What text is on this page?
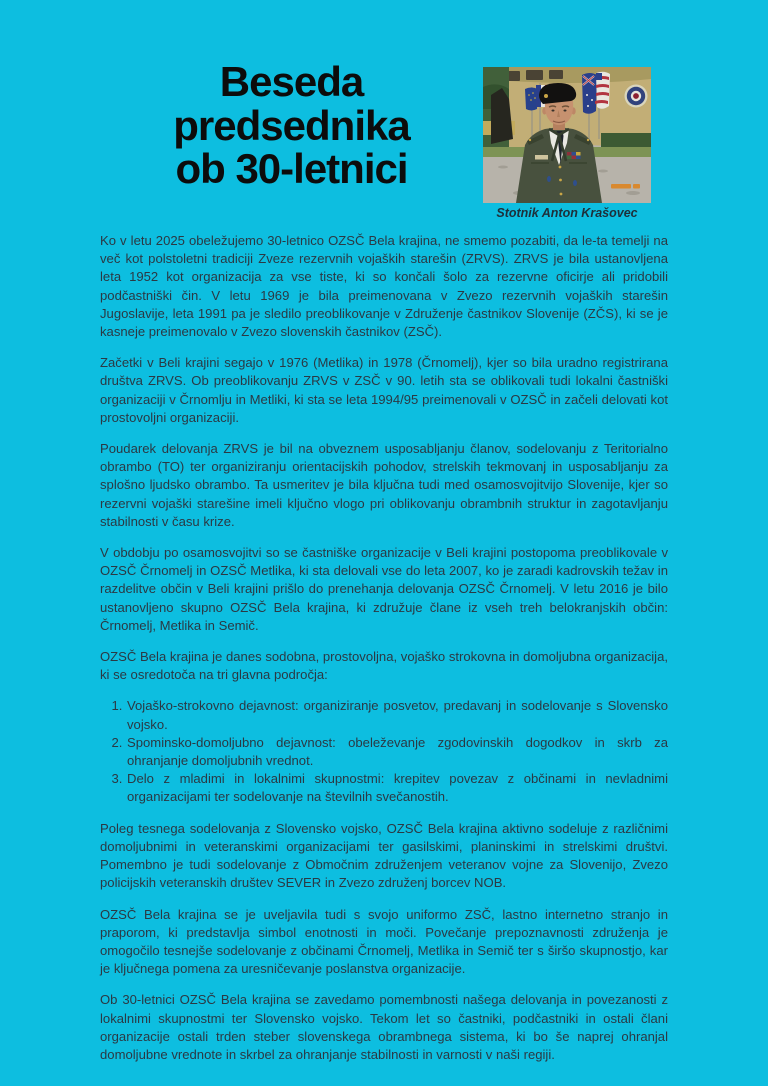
Beseda
predsednika
ob 30-letnici
Stotnik Anton Krašovec

Ko v letu 2025 obeležujemo 30-letnico OZSČ Bela krajina, ne smemo pozabiti, da le-ta temelji na več kot polstoletni tradiciji Zveze rezervnih vojaških starešin (ZRVS). ZRVS je bila ustanovljena leta 1952 kot organizacija za vse tiste, ki so končali šolo za rezervne oficirje ali pridobili podčastniški čin. V letu 1969 je bila preimenovana v Zvezo rezervnih vojaških starešin Jugoslavije, leta 1991 pa je sledilo preoblikovanje v Združenje častnikov Slovenije (ZČS), ki se je kasneje preimenovalo v Zvezo slovenskih častnikov (ZSČ).

Začetki v Beli krajini segajo v 1976 (Metlika) in 1978 (Črnomelj), kjer so bila uradno registrirana društva ZRVS. Ob preoblikovanju ZRVS v ZSČ v 90. letih sta se oblikovali tudi lokalni častniški organizaciji v Črnomlju in Metliki, ki sta se leta 1994/95 preimenovali v OZSČ in začeli delovati kot prostovoljni organizaciji.

Poudarek delovanja ZRVS je bil na obveznem usposabljanju članov, sodelovanju z Teritorialno obrambo (TO) ter organiziranju orientacijskih pohodov, strelskih tekmovanj in usposabljanju za splošno ljudsko obrambo. Ta usmeritev je bila ključna tudi med osamosvojitvijo Slovenije, kjer so rezervni vojaški starešine imeli ključno vlogo pri oblikovanju obrambnih struktur in zagotavljanju stabilnosti v času krize.

V obdobju po osamosvojitvi so se častniške organizacije v Beli krajini postopoma preoblikovale v OZSČ Črnomelj in OZSČ Metlika, ki sta delovali vse do leta 2007, ko je zaradi kadrovskih težav in razdelitve občin v Beli krajini prišlo do prenehanja delovanja OZSČ Črnomelj. V letu 2016 je bilo ustanovljeno skupno OZSČ Bela krajina, ki združuje člane iz vseh treh belokranjskih občin: Črnomelj, Metlika in Semič.

OZSČ Bela krajina je danes sodobna, prostovoljna, vojaško strokovna in domoljubna organizacija, ki se osredotoča na tri glavna področja:

1. Vojaško-strokovno dejavnost: organiziranje posvetov, predavanj in sodelovanje s Slovensko vojsko.
2. Spominsko-domoljubno dejavnost: obeleževanje zgodovinskih dogodkov in skrb za ohranjanje domoljubnih vrednot.
3. Delo z mladimi in lokalnimi skupnostmi: krepitev povezav z občinami in nevladnimi organizacijami ter sodelovanje na številnih svečanostih.

Poleg tesnega sodelovanja z Slovensko vojsko, OZSČ Bela krajina aktivno sodeluje z različnimi domoljubnimi in veteranskimi organizacijami ter gasilskimi, planinskimi in strelskimi društvi. Pomembno je tudi sodelovanje z Območnim združenjem veteranov vojne za Slovenijo, Zvezo policijskih veteranskih društev SEVER in Zvezo združenj borcev NOB.

OZSČ Bela krajina se je uveljavila tudi s svojo uniformo ZSČ, lastno internetno stranjo in praporom, ki predstavlja simbol enotnosti in moči. Povečanje prepoznavnosti združenja je omogočilo tesnejše sodelovanje z občinami Črnomelj, Metlika in Semič ter s širšo skupnostjo, kar je ključnega pomena za uresničevanje poslanstva organizacije.

Ob 30-letnici OZSČ Bela krajina se zavedamo pomembnosti našega delovanja in povezanosti z lokalnimi skupnostmi ter Slovensko vojsko. Tekom let so častniki, podčastniki in ostali člani organizacije ostali trden steber slovenskega obrambnega sistema, ki bo še naprej ohranjal domoljubne vrednote in skrbel za ohranjanje stabilnosti in varnosti v naši regiji.
